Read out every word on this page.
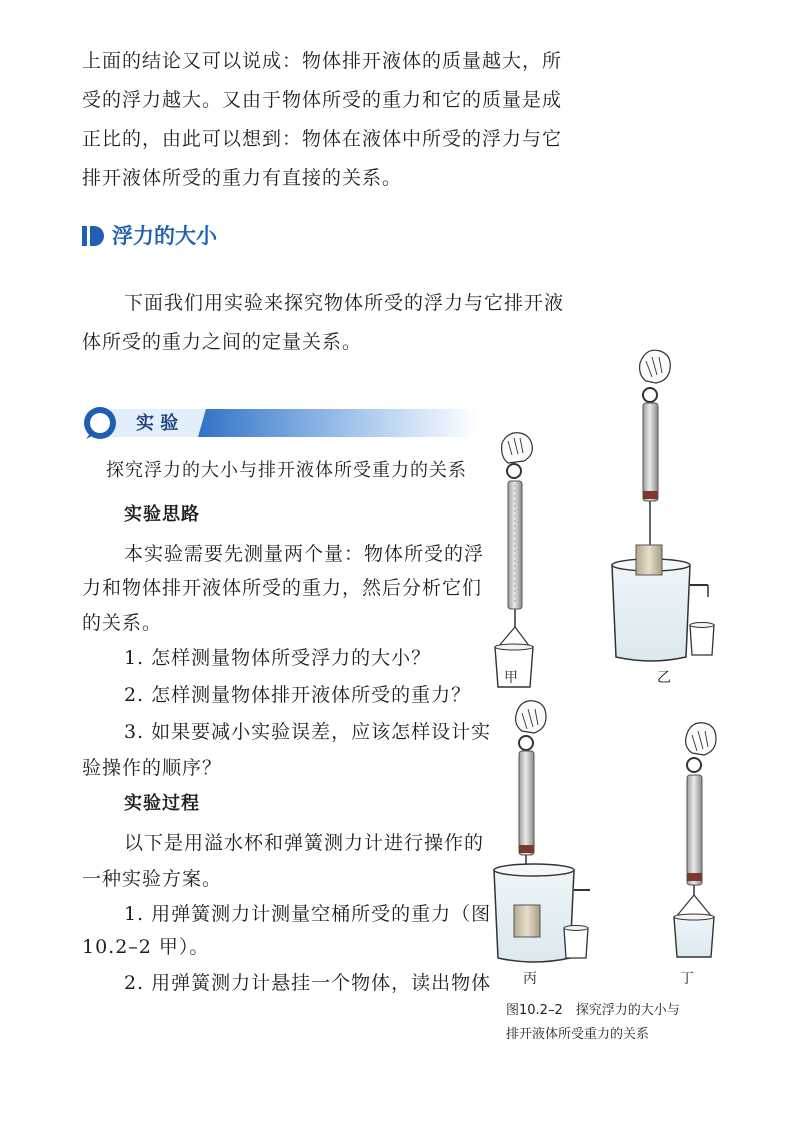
上面的结论又可以说成：物体排开液体的质量越大，所
受的浮力越大。又由于物体所受的重力和它的质量是成
正比的，由此可以想到：物体在液体中所受的浮力与它
排开液体所受的重力有直接的关系。
浮力的大小
下面我们用实验来探究物体所受的浮力与它排开液
体所受的重力之间的定量关系。
实 验
探究浮力的大小与排开液体所受重力的关系
实验思路
本实验需要先测量两个量：物体所受的浮
力和物体排开液体所受的重力，然后分析它们
的关系。
1. 怎样测量物体所受浮力的大小？
2. 怎样测量物体排开液体所受的重力？
3. 如果要减小实验误差，应该怎样设计实
验操作的顺序？
实验过程
以下是用溢水杯和弹簧测力计进行操作的
一种实验方案。
1. 用弹簧测力计测量空桶所受的重力（图
10.2–2 甲）。
2. 用弹簧测力计悬挂一个物体，读出物体
甲	乙
丙	丁
图10.2–2　探究浮力的大小与
排开液体所受重力的关系
